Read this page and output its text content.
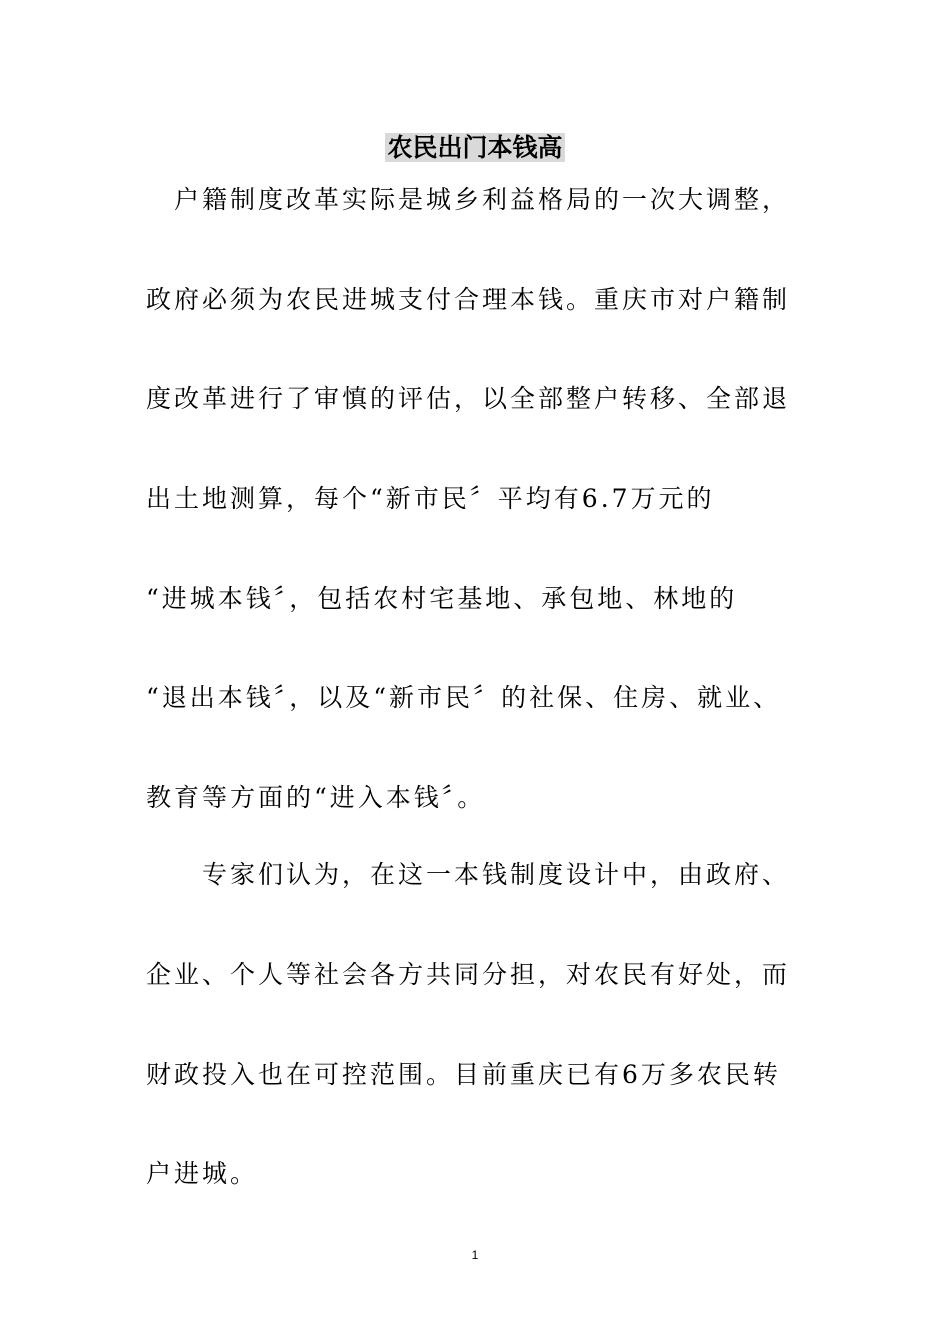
农民出门本钱高
　户籍制度改革实际是城乡利益格局的一次大调整，
政府必须为农民进城支付合理本钱。重庆市对户籍制
度改革进行了审慎的评估，以全部整户转移、全部退
出土地测算，每个“新市民〞平均有6.7万元的
“进城本钱〞，包括农村宅基地、承包地、林地的
“退出本钱〞，以及“新市民〞的社保、住房、就业、
教育等方面的“进入本钱〞。
　　专家们认为，在这一本钱制度设计中，由政府、
企业、个人等社会各方共同分担，对农民有好处，而
财政投入也在可控范围。目前重庆已有6万多农民转
户进城。
1
